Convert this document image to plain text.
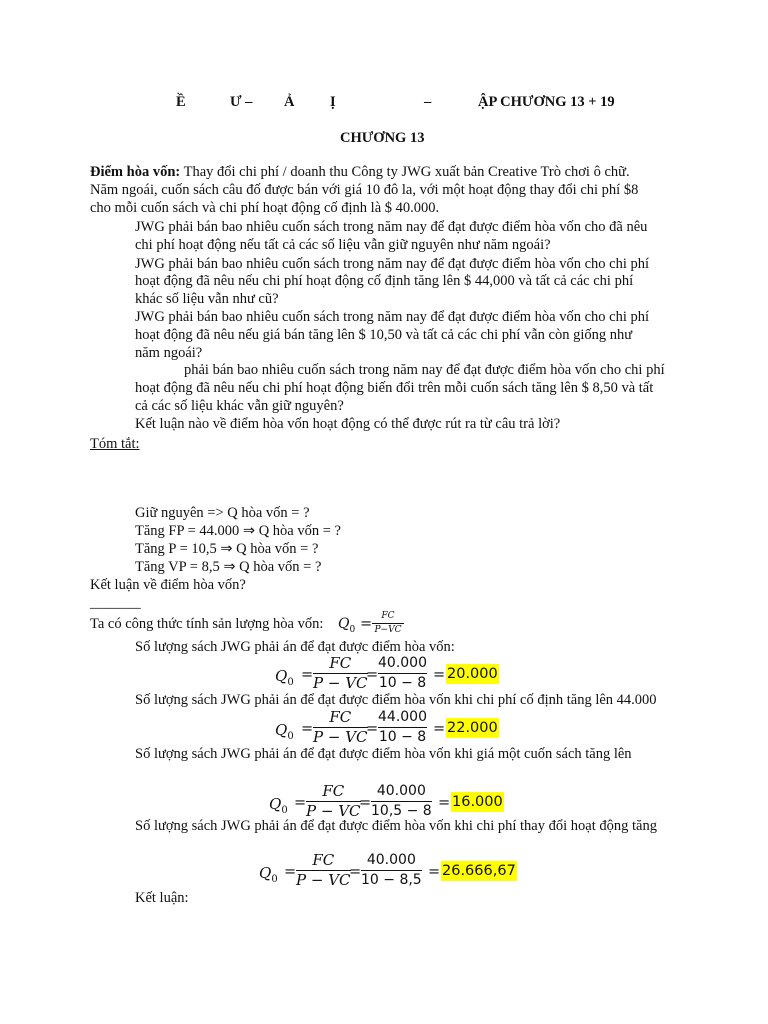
Ề	Ư – Ả Ị	–	ẬP CHƯƠNG 13 + 19
CHƯƠNG 13
Điểm hòa vốn: Thay đổi chi phí / doanh thu Công ty JWG xuất bản Creative Trò chơi ô chữ.
Năm ngoái, cuốn sách câu đố được bán với giá 10 đô la, với một hoạt động thay đổi chi phí $8
cho mỗi cuốn sách và chi phí hoạt động cố định là $ 40.000.
JWG phải bán bao nhiêu cuốn sách trong năm nay để đạt được điểm hòa vốn cho đã nêu
chi phí hoạt động nếu tất cả các số liệu vẫn giữ nguyên như năm ngoái?
JWG phải bán bao nhiêu cuốn sách trong năm nay để đạt được điểm hòa vốn cho chi phí
hoạt động đã nêu nếu chi phí hoạt động cố định tăng lên $ 44,000 và tất cả các chi phí
khác số liệu vẫn như cũ?
JWG phải bán bao nhiêu cuốn sách trong năm nay để đạt được điểm hòa vốn cho chi phí
hoạt động đã nêu nếu giá bán tăng lên $ 10,50 và tất cả các chi phí vẫn còn giống như
năm ngoái?
phải bán bao nhiêu cuốn sách trong năm nay để đạt được điểm hòa vốn cho chi phí
hoạt động đã nêu nếu chi phí hoạt động biến đổi trên mỗi cuốn sách tăng lên $ 8,50 và tất
cả các số liệu khác vẫn giữ nguyên?
Kết luận nào về điểm hòa vốn hoạt động có thể được rút ra từ câu trả lời?
Tóm tắt:
Giữ nguyên => Q hòa vốn = ?
Tăng FP = 44.000 ⇒ Q hòa vốn = ?
Tăng P = 10,5 ⇒ Q hòa vốn = ?
Tăng VP = 8,5 ⇒ Q hòa vốn = ?
Kết luận về điểm hòa vốn?
_______
Ta có công thức tính sản lượng hòa vốn: $Q_0$ = FC
P−VC
Số lượng sách JWG phải án để đạt được điểm hòa vốn:
$Q_0$ =
FC
P − VC
=
40.000
10 − 8
= 20.000
Số lượng sách JWG phải án để đạt được điểm hòa vốn khi chi phí cố định tăng lên 44.000
$Q_0$ =
FC
P − VC
=
44.000
10 − 8
= 22.000
Số lượng sách JWG phải án để đạt được điểm hòa vốn khi giá một cuốn sách tăng lên
$Q_0$ =
FC
P − VC
=
40.000
10,5 − 8
= 16.000
Số lượng sách JWG phải án để đạt được điểm hòa vốn khi chi phí thay đổi hoạt động tăng
$Q_0$ =
FC
P − VC
=
40.000
10 − 8,5
= 26.666,67
Kết luận:
